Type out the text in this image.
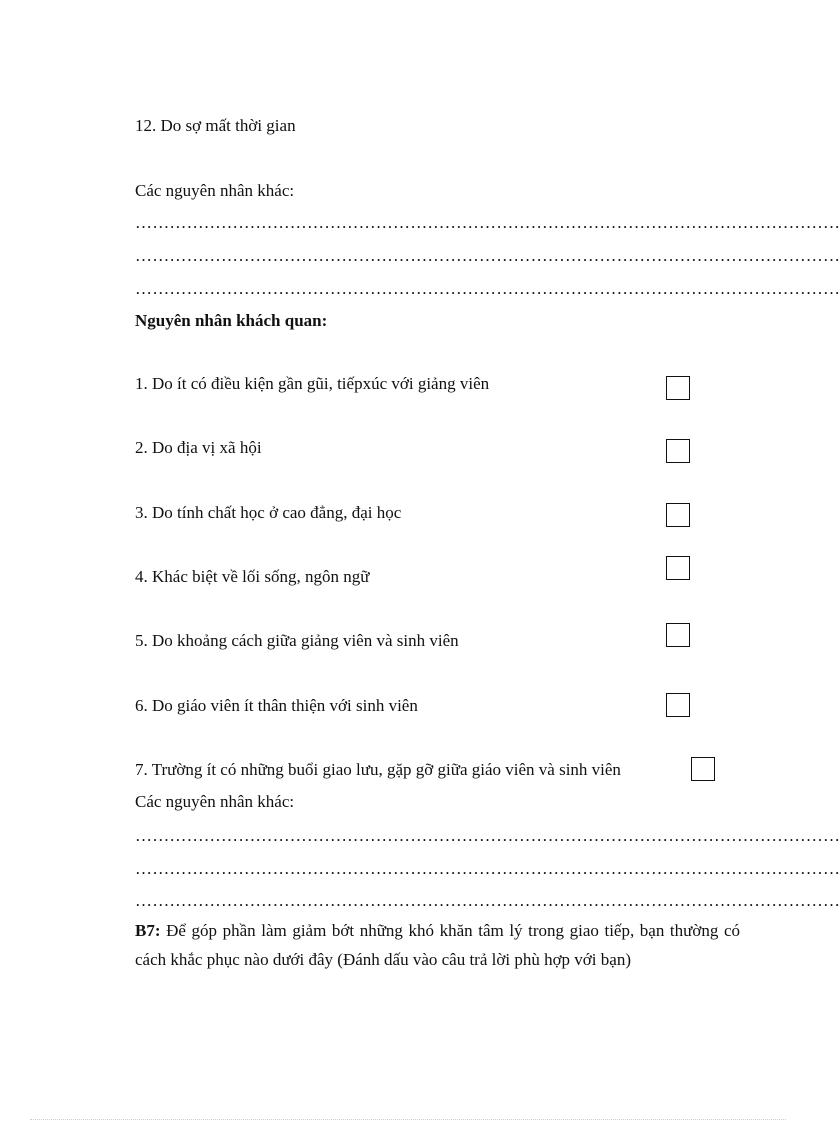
12. Do sợ mất thời gian
Các nguyên nhân khác:
……………………………………………………………………………………………………………
……………………………………………………………………………………………………………
……………………………………………………………………………………………………………
Nguyên nhân khách quan:
1. Do ít có điều kiện gần gũi, tiếpxúc với giảng viên
2. Do địa vị xã hội
3. Do tính chất học ở cao đẳng, đại học
4. Khác biệt về lối sống, ngôn ngữ
5. Do khoảng cách giữa giảng viên và sinh viên
6. Do giáo viên ít thân thiện với sinh viên
7. Trường ít có những buổi giao lưu, gặp gỡ giữa giáo viên và sinh viên
Các nguyên nhân khác:
……………………………………………………………………………………………………………
……………………………………………………………………………………………………………
……………………………………………………………………………………………………………
B7: Để góp phần làm giảm bớt những khó khăn tâm lý trong giao tiếp, bạn thường có cách khắc phục nào dưới đây (Đánh dấu vào câu trả lời phù hợp với bạn)
